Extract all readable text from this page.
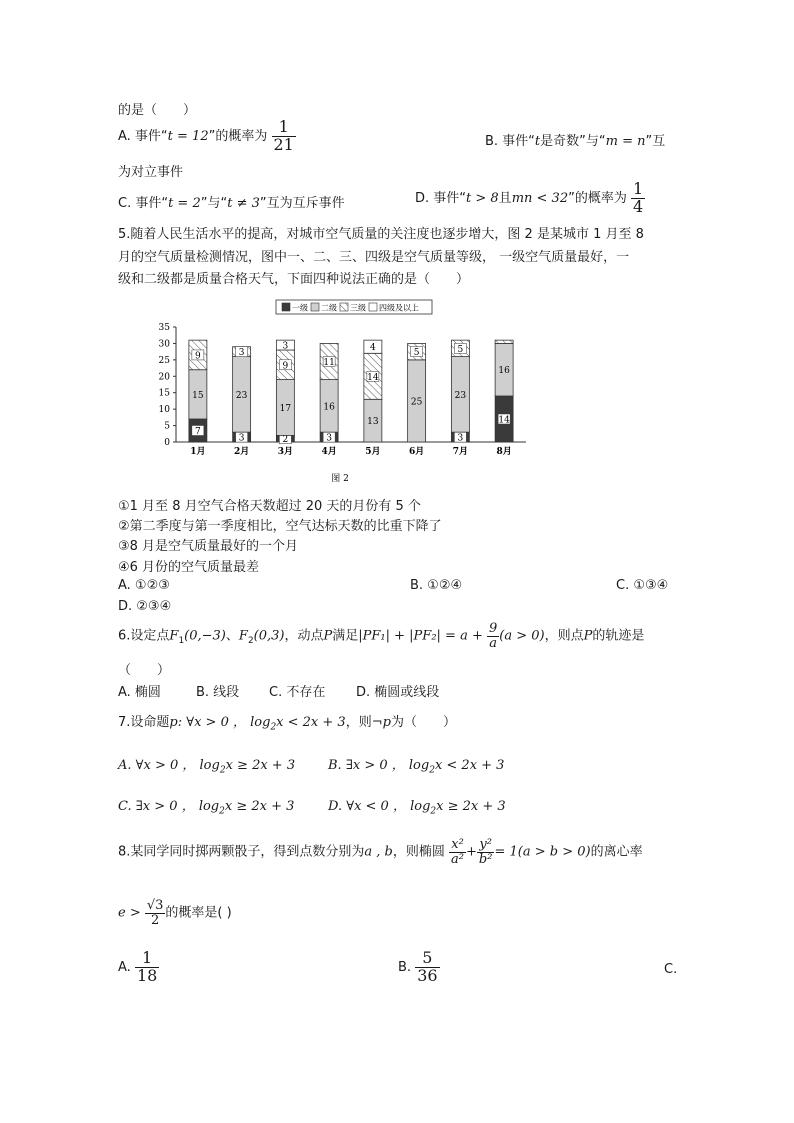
的是（　　）
A. 事件“t = 12”的概率为 $\frac{1}{21}$	B. 事件“t是奇数”与“m = n”互
为对立事件
C. 事件“t = 2”与“t ≠ 3”互为互斥事件	D. 事件“t > 8且mn < 32”的概率为 $\frac{1}{4}$
5.随着人民生活水平的提高，对城市空气质量的关注度也逐步增大，图 2 是某城市 1 月至 8
月的空气质量检测情况，图中一、二、三、四级是空气质量等级， 一级空气质量最好，一
级和二级都是质量合格天气，下面四种说法正确的是（　　）
0
5
10
15
20
25
30
35
7
15
9
1月
3
23
3
2月
2
17
9
3
3月
3
16
11
4月
13
14
4
5月
25
5
6月
3
23
5
7月
14
16
8月
一级 二级 三级 四级及以上
图 2
①1 月至 8 月空气合格天数超过 20 天的月份有 5 个
②第二季度与第一季度相比，空气达标天数的比重下降了
③8 月是空气质量最好的一个月
④6 月份的空气质量最差
A. ①②③	B. ①②④	C. ①③④
D. ②③④
6.设定点$F_1(0,-3)$、$F_2(0,3)$，动点P满足$|PF_1| + |PF_2| = a + \frac{9}{a} (a > 0)$，则点P的轨迹是
（　　）
A. 椭圆	B. 线段 C. 不存在 D. 椭圆或线段
7.设命题p: ∀x > 0 ， $\log_2x < 2x + 3$，则¬p为（　　）
A. ∀x > 0 ， $\log_2x \ge 2x + 3$	B. ∃x > 0 ， $\log_2x < 2x + 3$
C. ∃x > 0 ， $\log_2x \ge 2x + 3$	D. ∀x < 0 ， $\log_2x \ge 2x + 3$
8.某同学同时掷两颗骰子，得到点数分别为a , b，则椭圆 $\frac{\text{x²}}{\text{a²}} + \frac{\text{y²}}{\text{b²}} = 1(a > b > 0)$的离心率
$e > \frac{√3}{2}$ 的概率是( )
A. $\frac{1}{18}$	B. $\frac{5}{36}$	C.
